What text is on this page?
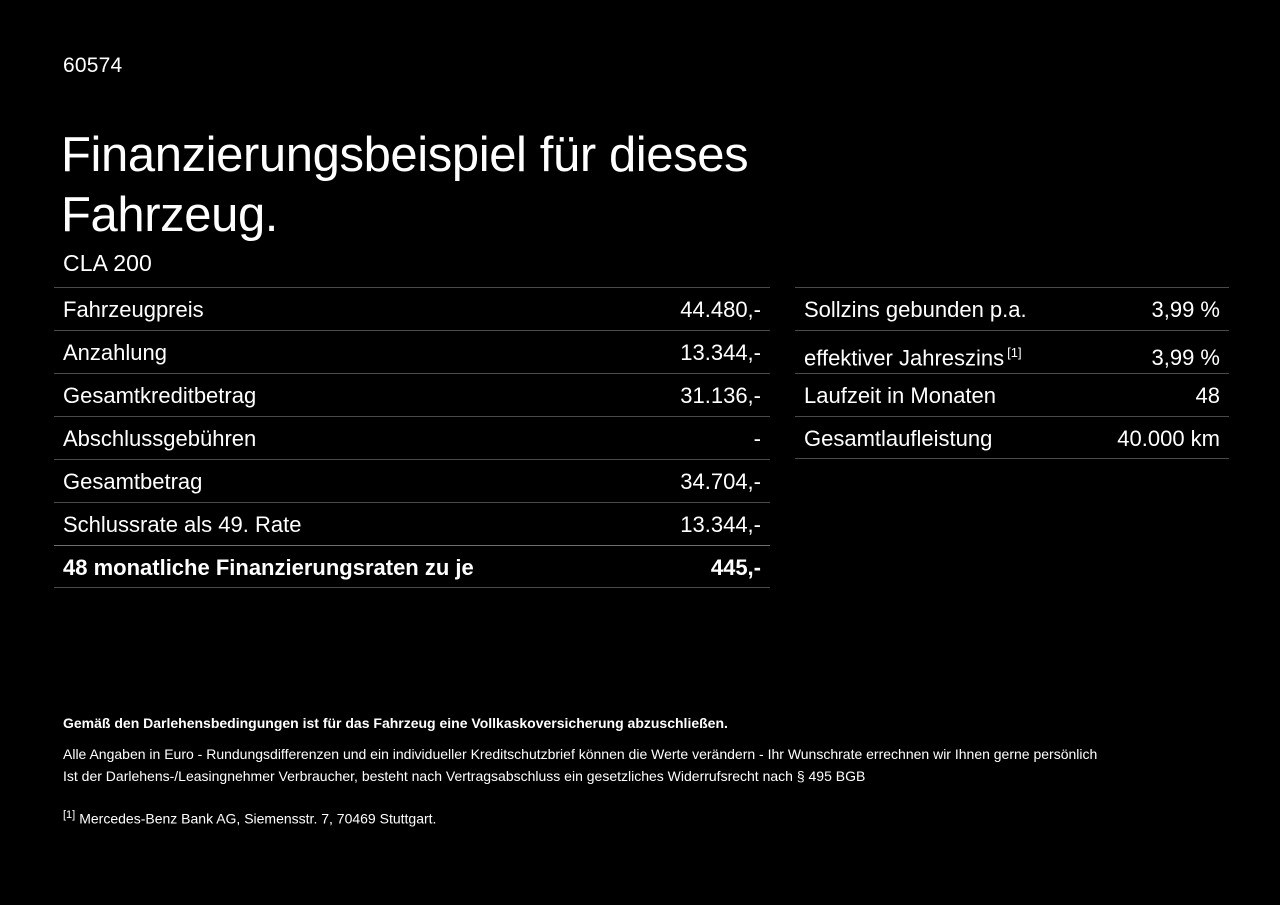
60574
Finanzierungsbeispiel für dieses Fahrzeug.
CLA 200
Fahrzeugpreis	44.480,-
Anzahlung	13.344,-
Gesamtkreditbetrag	31.136,-
Abschlussgebühren	-
Gesamtbetrag	34.704,-
Schlussrate als 49. Rate	13.344,-
48 monatliche Finanzierungsraten zu je	445,-
Sollzins gebunden p.a.	3,99 %
effektiver Jahreszins [1]	3,99 %
Laufzeit in Monaten	48
Gesamtlaufleistung	40.000 km
Gemäß den Darlehensbedingungen ist für das Fahrzeug eine Vollkaskoversicherung abzuschließen.
Alle Angaben in Euro - Rundungsdifferenzen und ein individueller Kreditschutzbrief können die Werte verändern - Ihr Wunschrate errechnen wir Ihnen gerne persönlich
Ist der Darlehens-/Leasingnehmer Verbraucher, besteht nach Vertragsabschluss ein gesetzliches Widerrufsrecht nach § 495 BGB
[1] Mercedes-Benz Bank AG, Siemensstr. 7, 70469 Stuttgart.
